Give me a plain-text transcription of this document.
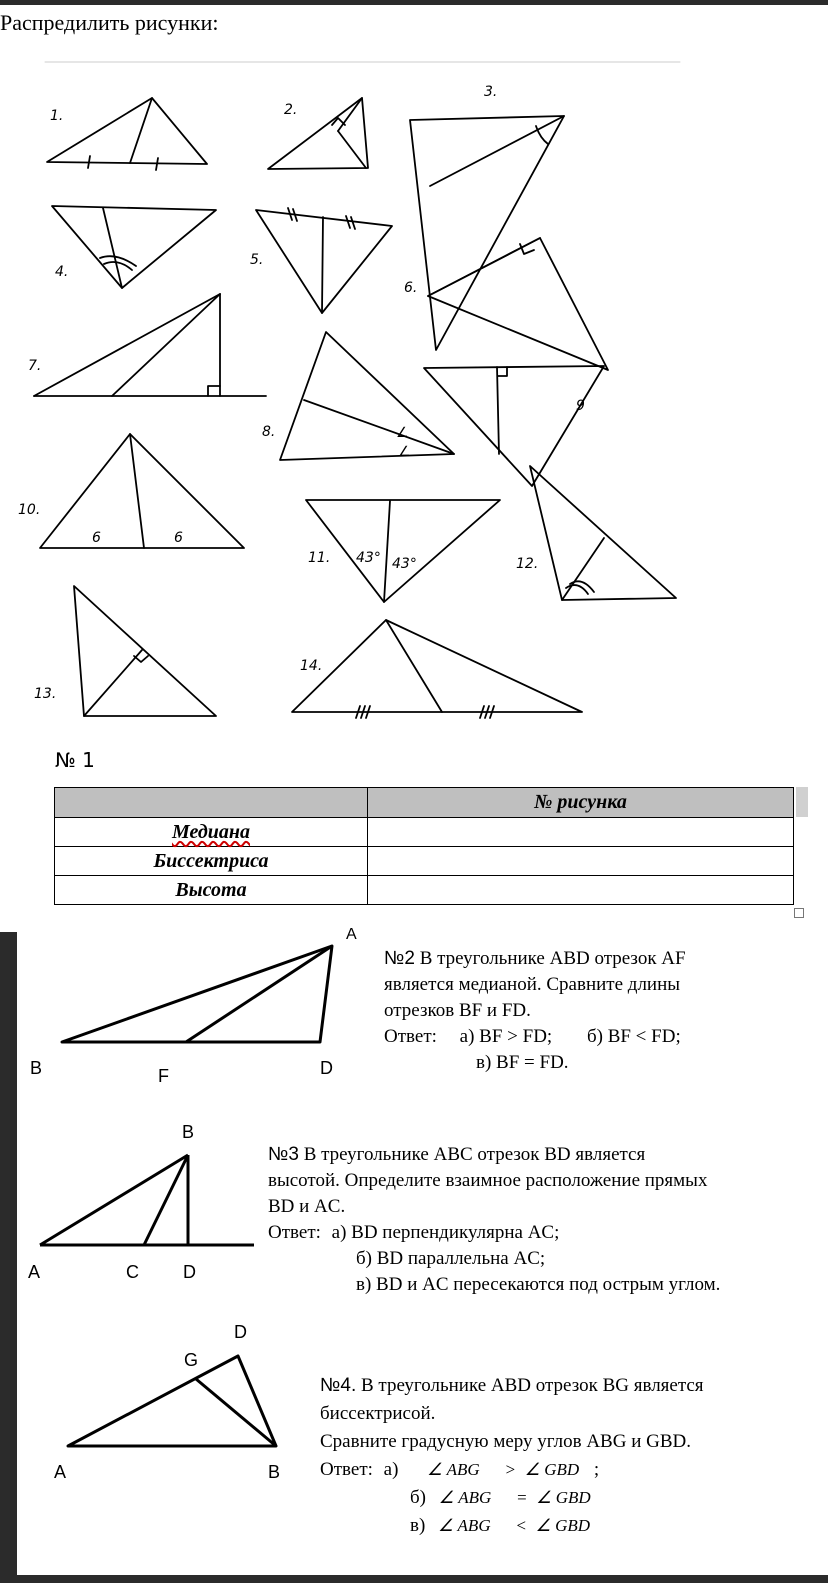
Распредилить рисунки:
1.	2.
3.
4.
5.
6.
7.
8.
9
10.
11.	12.
13.
14.
∠
∠
6	6
43° 43°
№ 1
	№ рисунка
Медиана	
Биссектриса	
Высота	
A
B	F	D
№2 В треугольнике ABD отрезок AF
является медианой. Сравните длины
отрезков BF и FD.
Ответ: а) BF > FD; б) BF < FD;
в) BF = FD.
B
A	C D
№3 В треугольнике ABC отрезок BD является
высотой. Определите взаимное расположение прямых
BD и AC.
Ответ: а) BD перпендикулярна AC;
б) BD параллельна AC;
в) BD и AC пересекаются под острым углом.
D
G
A	B
№4. В треугольнике ABD отрезок BG является
биссектрисой.
Сравните градусную меру углов ABG и GBD.
Ответ: а) ∠ ABG > ∠ GBD ;
б) ∠ ABG = ∠ GBD
в) ∠ ABG < ∠ GBD
